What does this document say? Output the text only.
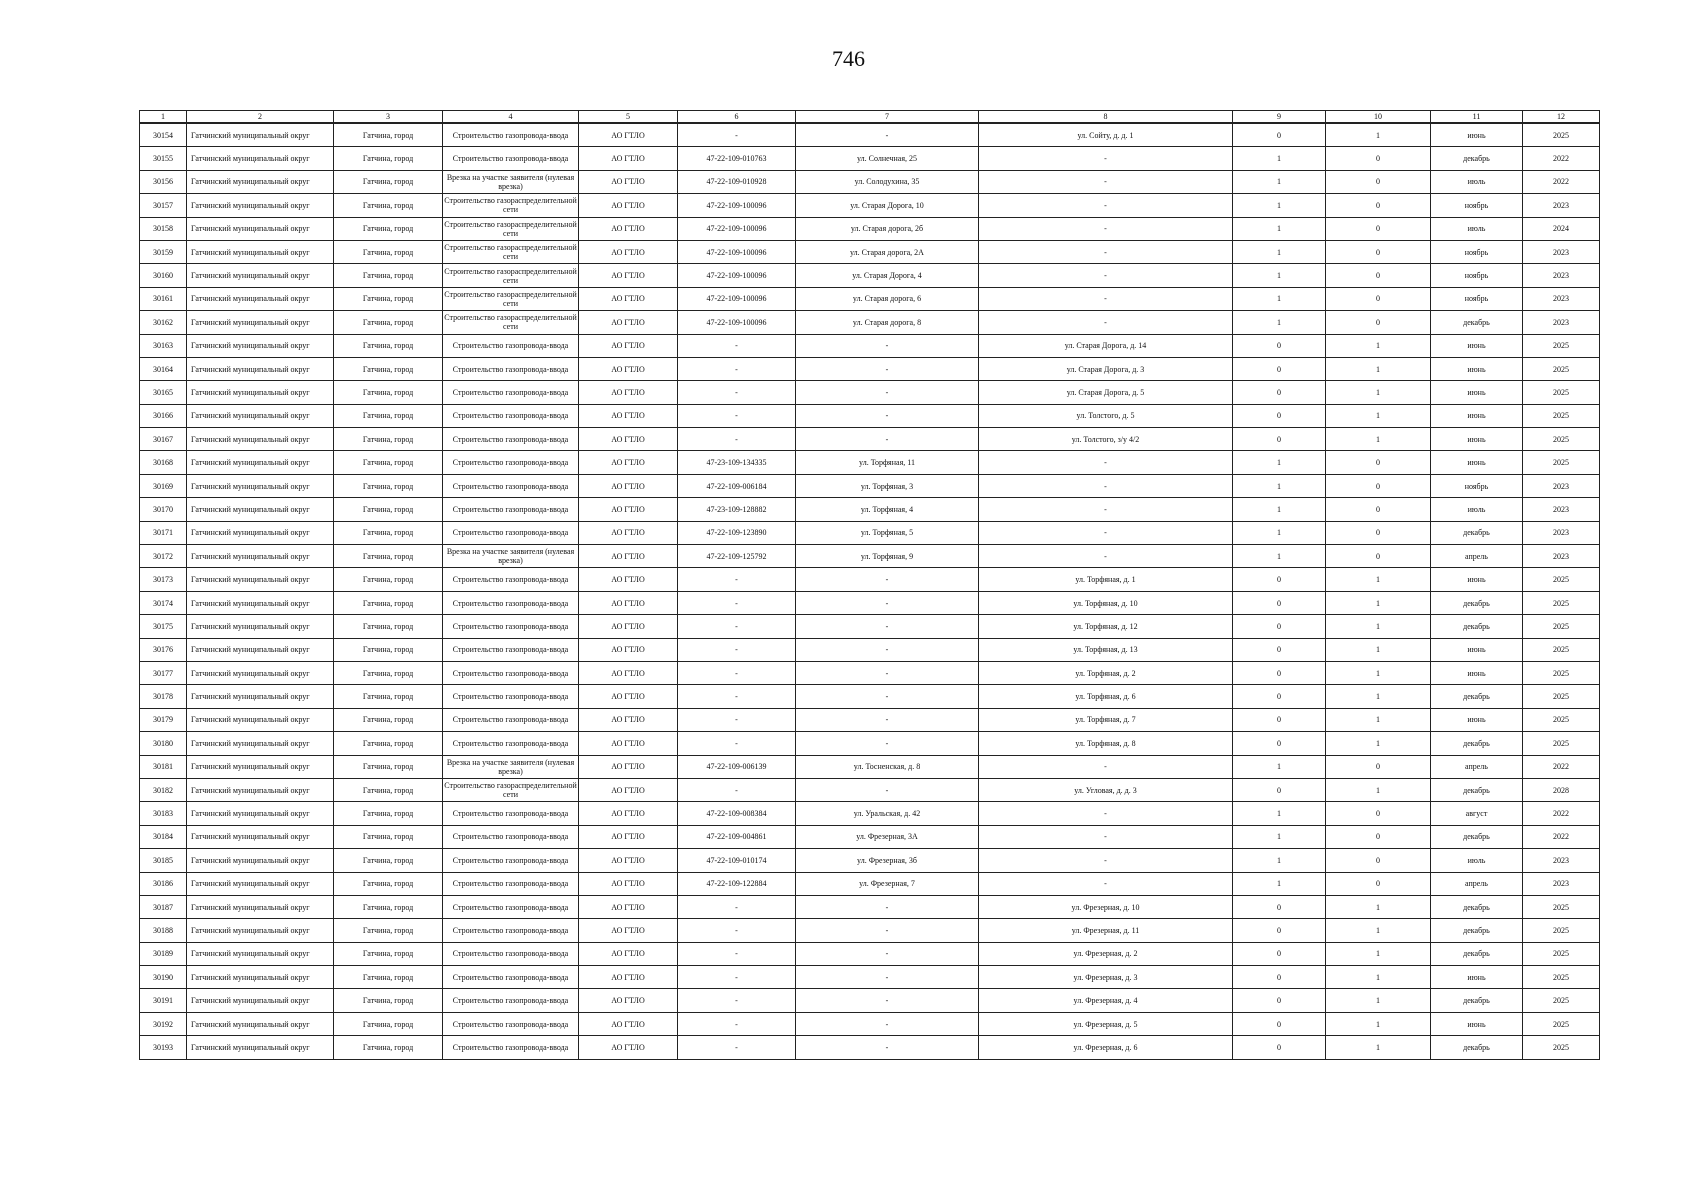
746
1	2	3	4	5	6	7	8	9	10	11	12
30154	Гатчинский муниципальный округ	Гатчина, город	Строительство газопровода-ввода	АО ГТЛО	-	-	ул. Сойту, д. д. 1	0	1	июнь	2025
30155	Гатчинский муниципальный округ	Гатчина, город	Строительство газопровода-ввода	АО ГТЛО	47-22-109-010763	ул. Солнечная, 25	-	1	0	декабрь	2022
30156	Гатчинский муниципальный округ	Гатчина, город	Врезка на участке заявителя (нулевая врезка)	АО ГТЛО	47-22-109-010928	ул. Солодухина, 35	-	1	0	июль	2022
30157	Гатчинский муниципальный округ	Гатчина, город	Строительство газораспределительной сети	АО ГТЛО	47-22-109-100096	ул. Старая Дорога, 10	-	1	0	ноябрь	2023
30158	Гатчинский муниципальный округ	Гатчина, город	Строительство газораспределительной сети	АО ГТЛО	47-22-109-100096	ул. Старая дорога, 2б	-	1	0	июль	2024
30159	Гатчинский муниципальный округ	Гатчина, город	Строительство газораспределительной сети	АО ГТЛО	47-22-109-100096	ул. Старая дорога, 2А	-	1	0	ноябрь	2023
30160	Гатчинский муниципальный округ	Гатчина, город	Строительство газораспределительной сети	АО ГТЛО	47-22-109-100096	ул. Старая Дорога, 4	-	1	0	ноябрь	2023
30161	Гатчинский муниципальный округ	Гатчина, город	Строительство газораспределительной сети	АО ГТЛО	47-22-109-100096	ул. Старая дорога, 6	-	1	0	ноябрь	2023
30162	Гатчинский муниципальный округ	Гатчина, город	Строительство газораспределительной сети	АО ГТЛО	47-22-109-100096	ул. Старая дорога, 8	-	1	0	декабрь	2023
30163	Гатчинский муниципальный округ	Гатчина, город	Строительство газопровода-ввода	АО ГТЛО	-	-	ул. Старая Дорога, д. 14	0	1	июнь	2025
30164	Гатчинский муниципальный округ	Гатчина, город	Строительство газопровода-ввода	АО ГТЛО	-	-	ул. Старая Дорога, д. 3	0	1	июнь	2025
30165	Гатчинский муниципальный округ	Гатчина, город	Строительство газопровода-ввода	АО ГТЛО	-	-	ул. Старая Дорога, д. 5	0	1	июнь	2025
30166	Гатчинский муниципальный округ	Гатчина, город	Строительство газопровода-ввода	АО ГТЛО	-	-	ул. Толстого, д. 5	0	1	июнь	2025
30167	Гатчинский муниципальный округ	Гатчина, город	Строительство газопровода-ввода	АО ГТЛО	-	-	ул. Толстого, з/у 4/2	0	1	июнь	2025
30168	Гатчинский муниципальный округ	Гатчина, город	Строительство газопровода-ввода	АО ГТЛО	47-23-109-134335	ул. Торфяная, 11	-	1	0	июнь	2025
30169	Гатчинский муниципальный округ	Гатчина, город	Строительство газопровода-ввода	АО ГТЛО	47-22-109-006184	ул. Торфяная, 3	-	1	0	ноябрь	2023
30170	Гатчинский муниципальный округ	Гатчина, город	Строительство газопровода-ввода	АО ГТЛО	47-23-109-128882	ул. Торфяная, 4	-	1	0	июль	2023
30171	Гатчинский муниципальный округ	Гатчина, город	Строительство газопровода-ввода	АО ГТЛО	47-22-109-123890	ул. Торфяная, 5	-	1	0	декабрь	2023
30172	Гатчинский муниципальный округ	Гатчина, город	Врезка на участке заявителя (нулевая врезка)	АО ГТЛО	47-22-109-125792	ул. Торфяная, 9	-	1	0	апрель	2023
30173	Гатчинский муниципальный округ	Гатчина, город	Строительство газопровода-ввода	АО ГТЛО	-	-	ул. Торфяная, д. 1	0	1	июнь	2025
30174	Гатчинский муниципальный округ	Гатчина, город	Строительство газопровода-ввода	АО ГТЛО	-	-	ул. Торфяная, д. 10	0	1	декабрь	2025
30175	Гатчинский муниципальный округ	Гатчина, город	Строительство газопровода-ввода	АО ГТЛО	-	-	ул. Торфяная, д. 12	0	1	декабрь	2025
30176	Гатчинский муниципальный округ	Гатчина, город	Строительство газопровода-ввода	АО ГТЛО	-	-	ул. Торфяная, д. 13	0	1	июнь	2025
30177	Гатчинский муниципальный округ	Гатчина, город	Строительство газопровода-ввода	АО ГТЛО	-	-	ул. Торфяная, д. 2	0	1	июнь	2025
30178	Гатчинский муниципальный округ	Гатчина, город	Строительство газопровода-ввода	АО ГТЛО	-	-	ул. Торфяная, д. 6	0	1	декабрь	2025
30179	Гатчинский муниципальный округ	Гатчина, город	Строительство газопровода-ввода	АО ГТЛО	-	-	ул. Торфяная, д. 7	0	1	июнь	2025
30180	Гатчинский муниципальный округ	Гатчина, город	Строительство газопровода-ввода	АО ГТЛО	-	-	ул. Торфяная, д. 8	0	1	декабрь	2025
30181	Гатчинский муниципальный округ	Гатчина, город	Врезка на участке заявителя (нулевая врезка)	АО ГТЛО	47-22-109-006139	ул. Тосненская, д. 8	-	1	0	апрель	2022
30182	Гатчинский муниципальный округ	Гатчина, город	Строительство газораспределительной сети	АО ГТЛО	-	-	ул. Угловая, д. д. 3	0	1	декабрь	2028
30183	Гатчинский муниципальный округ	Гатчина, город	Строительство газопровода-ввода	АО ГТЛО	47-22-109-008384	ул. Уральская, д. 42	-	1	0	август	2022
30184	Гатчинский муниципальный округ	Гатчина, город	Строительство газопровода-ввода	АО ГТЛО	47-22-109-004861	ул. Фрезерная, 3А	-	1	0	декабрь	2022
30185	Гатчинский муниципальный округ	Гатчина, город	Строительство газопровода-ввода	АО ГТЛО	47-22-109-010174	ул. Фрезерная, 3б	-	1	0	июль	2023
30186	Гатчинский муниципальный округ	Гатчина, город	Строительство газопровода-ввода	АО ГТЛО	47-22-109-122884	ул. Фрезерная, 7	-	1	0	апрель	2023
30187	Гатчинский муниципальный округ	Гатчина, город	Строительство газопровода-ввода	АО ГТЛО	-	-	ул. Фрезерная, д. 10	0	1	декабрь	2025
30188	Гатчинский муниципальный округ	Гатчина, город	Строительство газопровода-ввода	АО ГТЛО	-	-	ул. Фрезерная, д. 11	0	1	декабрь	2025
30189	Гатчинский муниципальный округ	Гатчина, город	Строительство газопровода-ввода	АО ГТЛО	-	-	ул. Фрезерная, д. 2	0	1	декабрь	2025
30190	Гатчинский муниципальный округ	Гатчина, город	Строительство газопровода-ввода	АО ГТЛО	-	-	ул. Фрезерная, д. 3	0	1	июнь	2025
30191	Гатчинский муниципальный округ	Гатчина, город	Строительство газопровода-ввода	АО ГТЛО	-	-	ул. Фрезерная, д. 4	0	1	декабрь	2025
30192	Гатчинский муниципальный округ	Гатчина, город	Строительство газопровода-ввода	АО ГТЛО	-	-	ул. Фрезерная, д. 5	0	1	июнь	2025
30193	Гатчинский муниципальный округ	Гатчина, город	Строительство газопровода-ввода	АО ГТЛО	-	-	ул. Фрезерная, д. 6	0	1	декабрь	2025
